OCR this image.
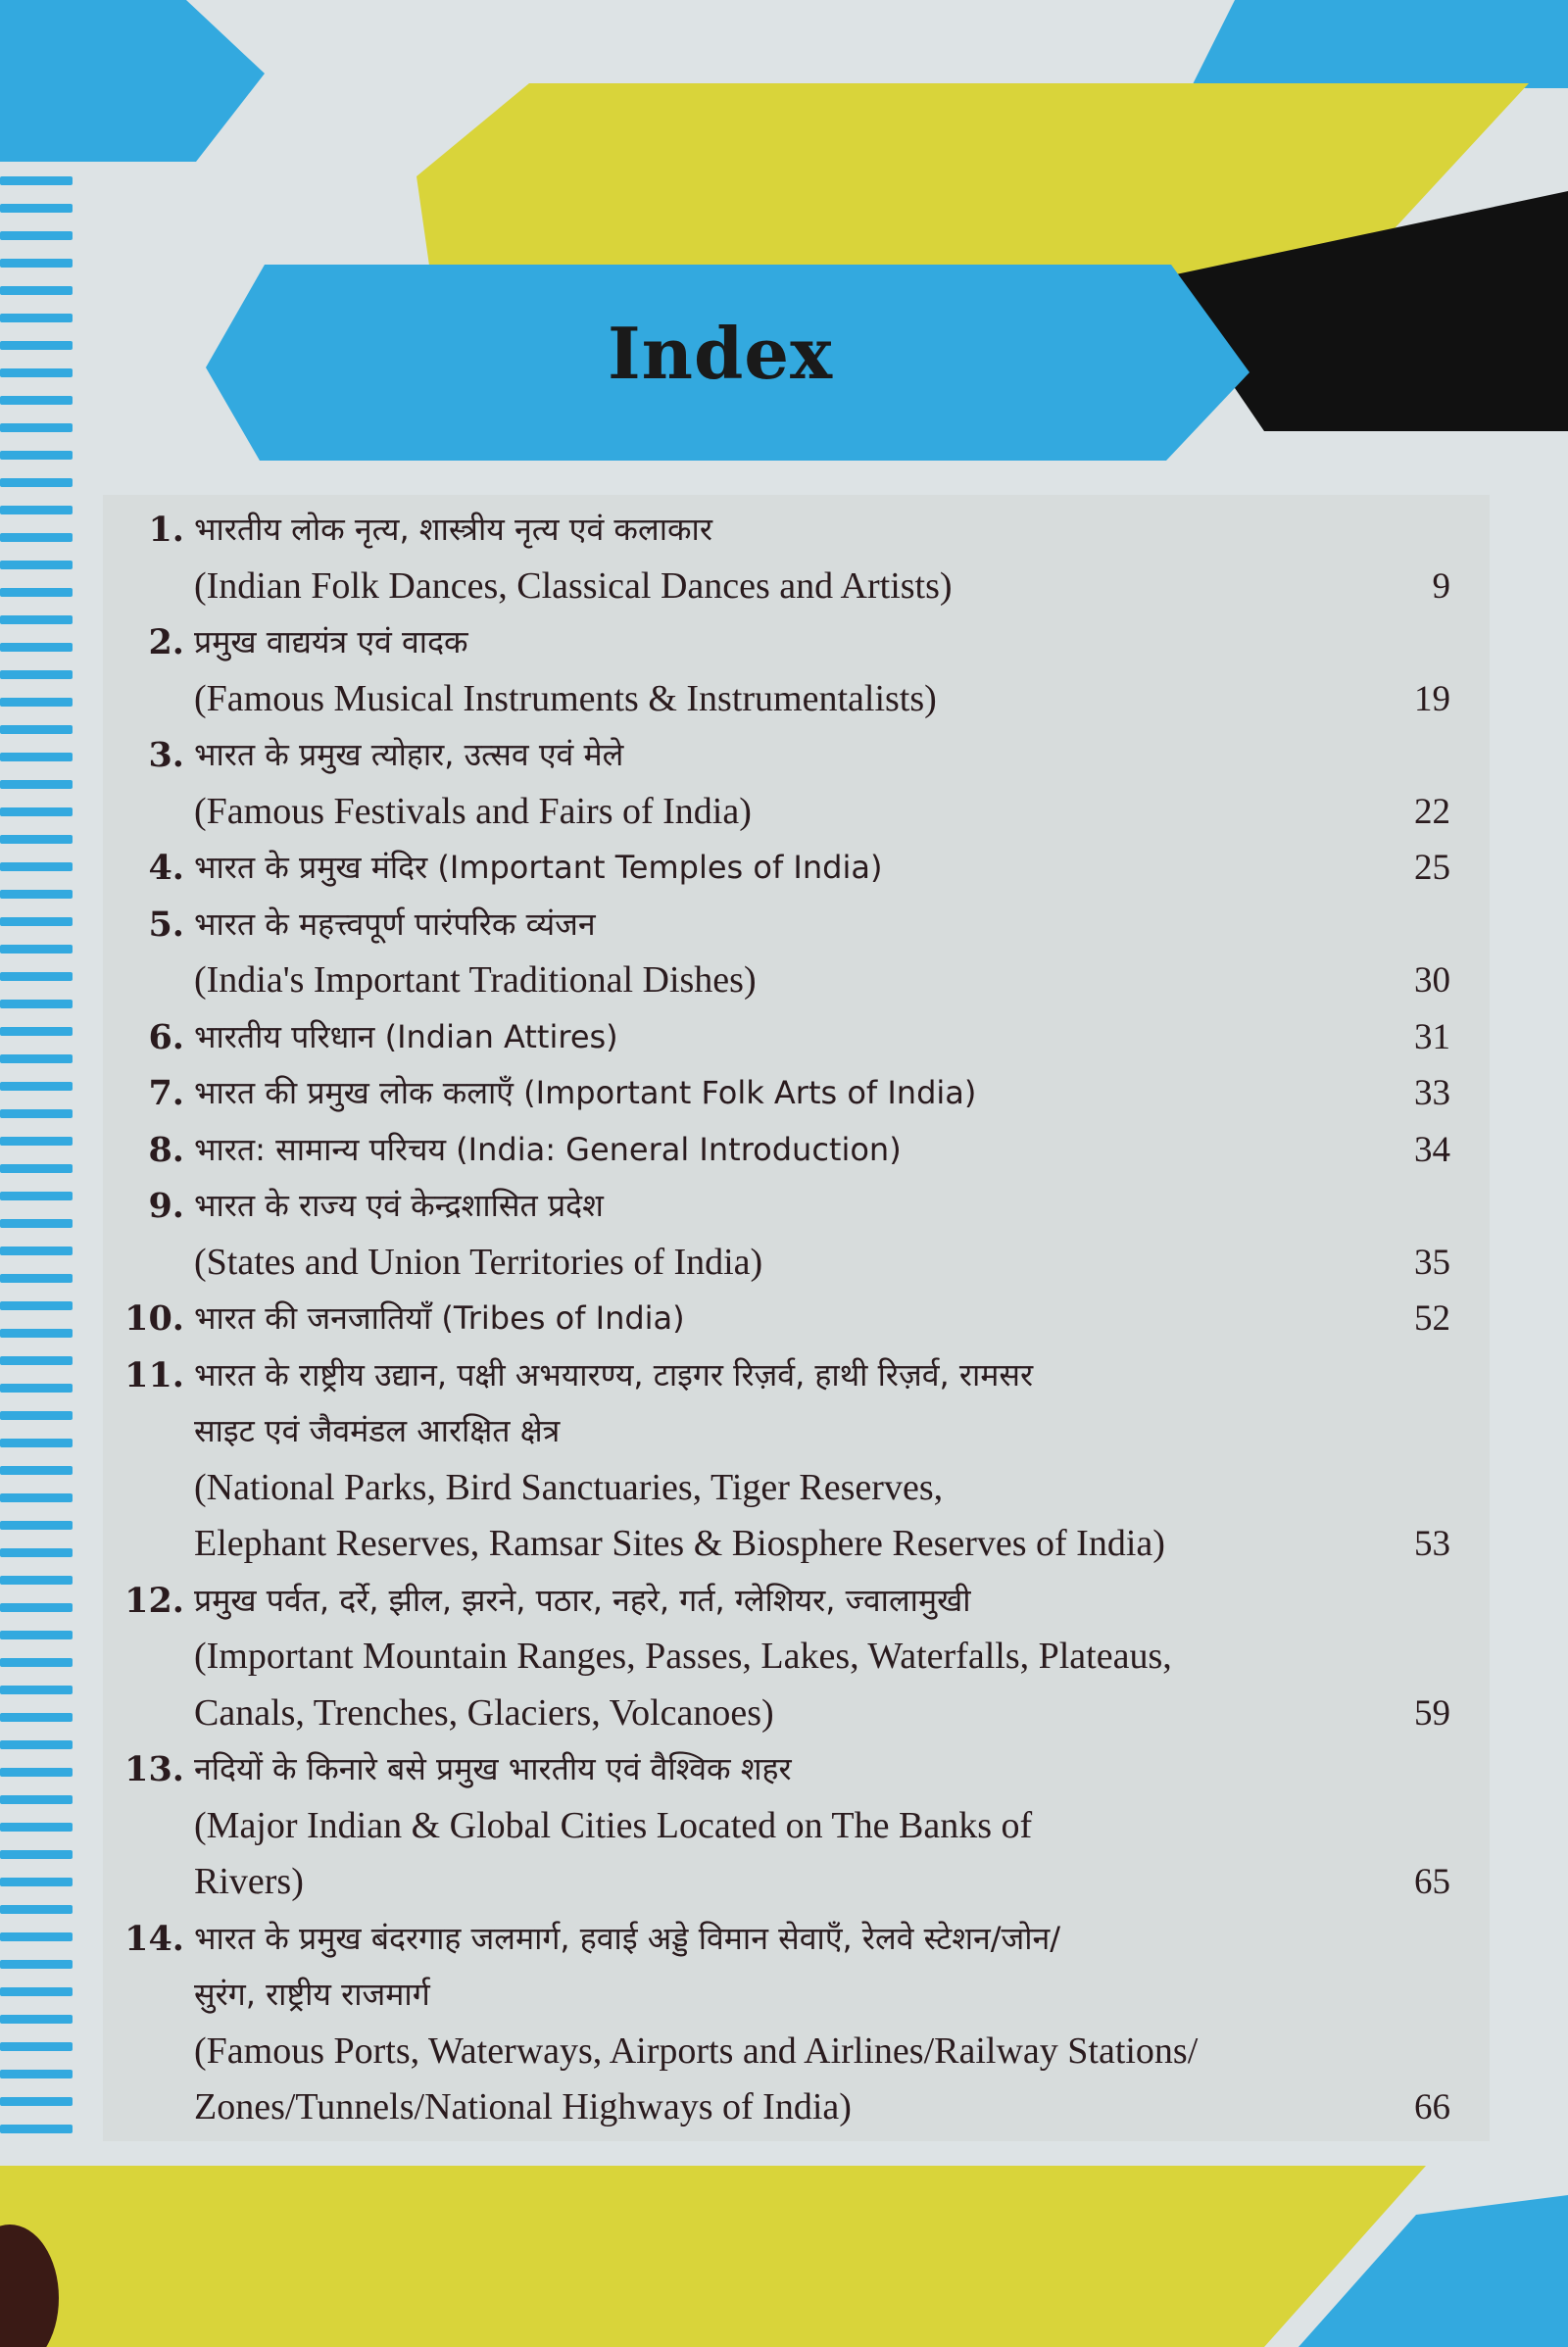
Index
1. भारतीय लोक नृत्य, शास्त्रीय नृत्य एवं कलाकार
(Indian Folk Dances, Classical Dances and Artists)	9
2. प्रमुख वाद्ययंत्र एवं वादक
(Famous Musical Instruments & Instrumentalists)	19
3. भारत के प्रमुख त्योहार, उत्सव एवं मेले
(Famous Festivals and Fairs of India)	22
4. भारत के प्रमुख मंदिर (Important Temples of India)	25
5. भारत के महत्त्वपूर्ण पारंपरिक व्यंजन
(India's Important Traditional Dishes)	30
6. भारतीय परिधान (Indian Attires)	31
7. भारत की प्रमुख लोक कलाएँ (Important Folk Arts of India)	33
8. भारत: सामान्य परिचय (India: General Introduction)	34
9. भारत के राज्य एवं केन्द्रशासित प्रदेश
(States and Union Territories of India)	35
10. भारत की जनजातियाँ (Tribes of India)	52
11. भारत के राष्ट्रीय उद्यान, पक्षी अभयारण्य, टाइगर रिज़र्व, हाथी रिज़र्व, रामसर
साइट एवं जैवमंडल आरक्षित क्षेत्र
(National Parks, Bird Sanctuaries, Tiger Reserves,
Elephant Reserves, Ramsar Sites & Biosphere Reserves of India)	53
12. प्रमुख पर्वत, दर्रे, झील, झरने, पठार, नहरे, गर्त, ग्लेशियर, ज्वालामुखी
(Important Mountain Ranges, Passes, Lakes, Waterfalls, Plateaus,
Canals, Trenches, Glaciers, Volcanoes)	59
13. नदियों के किनारे बसे प्रमुख भारतीय एवं वैश्विक शहर
(Major Indian & Global Cities Located on The Banks of
Rivers)	65
14. भारत के प्रमुख बंदरगाह जलमार्ग, हवाई अड्डे विमान सेवाएँ, रेलवे स्टेशन/जोन/
सुरंग, राष्ट्रीय राजमार्ग
(Famous Ports, Waterways, Airports and Airlines/Railway Stations/
Zones/Tunnels/National Highways of India)	66
